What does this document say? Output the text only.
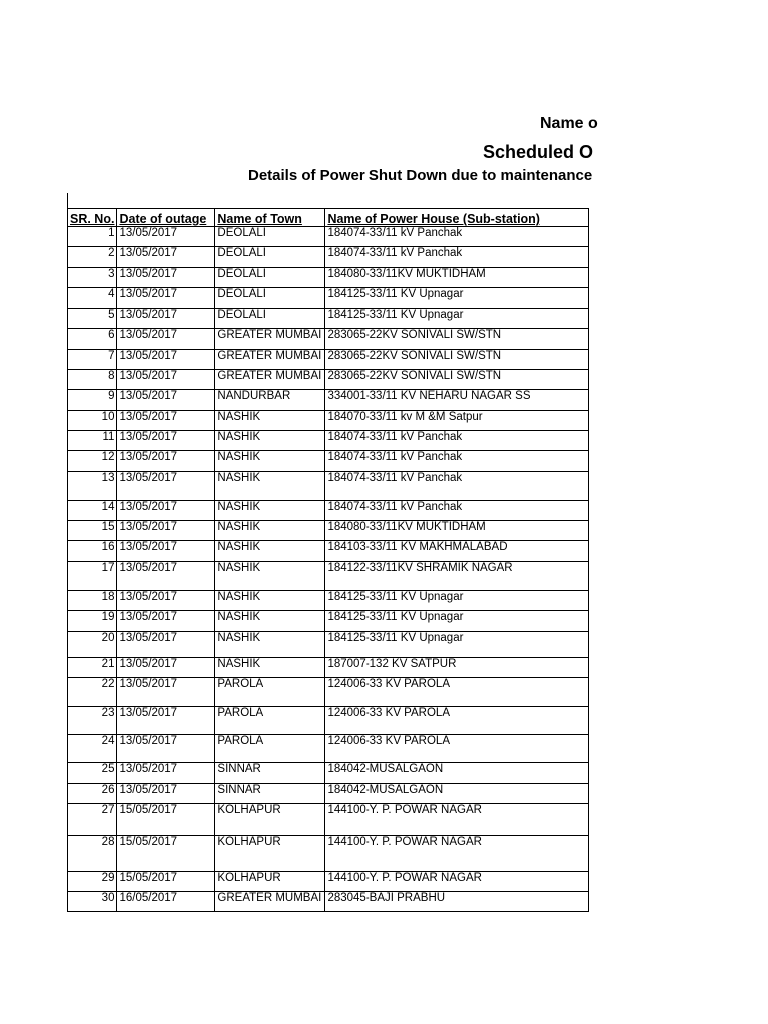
Name o
Scheduled O
Details of Power Shut Down due to maintenance
SR. No.	Date of outage	Name of Town	Name of Power House (Sub-station)
1	13/05/2017	DEOLALI	184074-33/11 kV Panchak
2	13/05/2017	DEOLALI	184074-33/11 kV Panchak
3	13/05/2017	DEOLALI	184080-33/11KV MUKTIDHAM
4	13/05/2017	DEOLALI	184125-33/11 KV Upnagar
5	13/05/2017	DEOLALI	184125-33/11 KV Upnagar
6	13/05/2017	GREATER MUMBAI	283065-22KV SONIVALI SW/STN
7	13/05/2017	GREATER MUMBAI	283065-22KV SONIVALI SW/STN
8	13/05/2017	GREATER MUMBAI	283065-22KV SONIVALI SW/STN
9	13/05/2017	NANDURBAR	334001-33/11 KV NEHARU NAGAR SS
10	13/05/2017	NASHIK	184070-33/11 kv M &M Satpur
11	13/05/2017	NASHIK	184074-33/11 kV Panchak
12	13/05/2017	NASHIK	184074-33/11 kV Panchak
13	13/05/2017	NASHIK	184074-33/11 kV Panchak
14	13/05/2017	NASHIK	184074-33/11 kV Panchak
15	13/05/2017	NASHIK	184080-33/11KV MUKTIDHAM
16	13/05/2017	NASHIK	184103-33/11 KV MAKHMALABAD
17	13/05/2017	NASHIK	184122-33/11KV SHRAMIK NAGAR
18	13/05/2017	NASHIK	184125-33/11 KV Upnagar
19	13/05/2017	NASHIK	184125-33/11 KV Upnagar
20	13/05/2017	NASHIK	184125-33/11 KV Upnagar
21	13/05/2017	NASHIK	187007-132 KV SATPUR
22	13/05/2017	PAROLA	124006-33 KV PAROLA
23	13/05/2017	PAROLA	124006-33 KV PAROLA
24	13/05/2017	PAROLA	124006-33 KV PAROLA
25	13/05/2017	SINNAR	184042-MUSALGAON
26	13/05/2017	SINNAR	184042-MUSALGAON
27	15/05/2017	KOLHAPUR	144100-Y. P. POWAR NAGAR
28	15/05/2017	KOLHAPUR	144100-Y. P. POWAR NAGAR
29	15/05/2017	KOLHAPUR	144100-Y. P. POWAR NAGAR
30	16/05/2017	GREATER MUMBAI	283045-BAJI PRABHU
